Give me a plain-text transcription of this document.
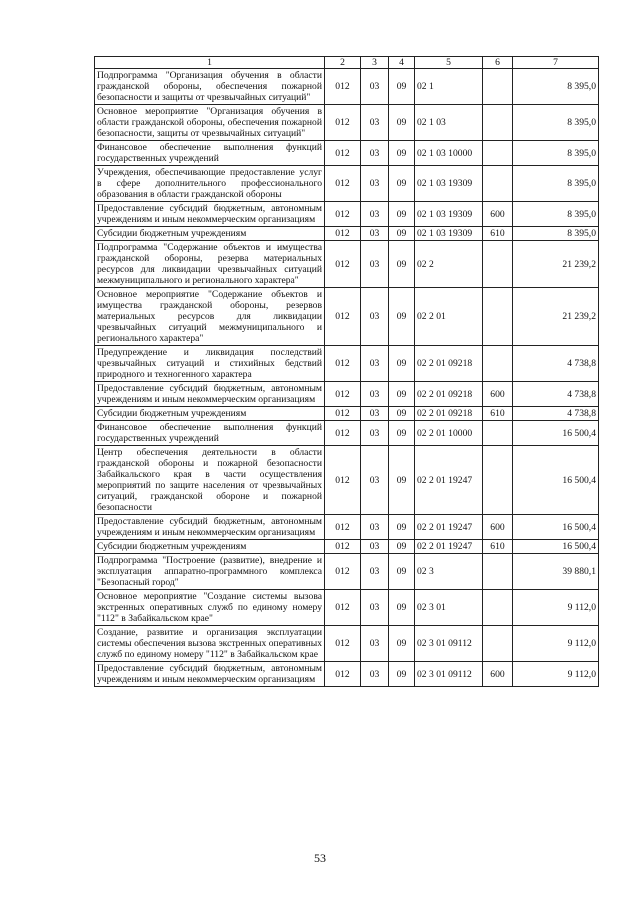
1	2	3	4	5	6	7
Подпрограмма "Организация обучения в области гражданской обороны, обеспечения пожарной безопасности и защиты от чрезвычайных ситуаций"	012	03	09	02 1		8 395,0
Основное мероприятие "Организация обучения в области гражданской обороны, обеспечения пожарной безопасности, защиты от чрезвычайных ситуаций"	012	03	09	02 1 03		8 395,0
Финансовое обеспечение выполнения функций государственных учреждений	012	03	09	02 1 03 10000		8 395,0
Учреждения, обеспечивающие предоставление услуг в сфере дополнительного профессионального образования в области гражданской обороны	012	03	09	02 1 03 19309		8 395,0
Предоставление субсидий бюджетным, автономным учреждениям и иным некоммерческим организациям	012	03	09	02 1 03 19309	600	8 395,0
Субсидии бюджетным учреждениям	012	03	09	02 1 03 19309	610	8 395,0
Подпрограмма "Содержание объектов и имущества гражданской обороны, резерва материальных ресурсов для ликвидации чрезвычайных ситуаций межмуниципального и регионального характера"	012	03	09	02 2		21 239,2
Основное мероприятие "Содержание объектов и имущества гражданской обороны, резервов материальных ресурсов для ликвидации чрезвычайных ситуаций межмуниципального и регионального характера"	012	03	09	02 2 01		21 239,2
Предупреждение и ликвидация последствий чрезвычайных ситуаций и стихийных бедствий природного и техногенного характера	012	03	09	02 2 01 09218		4 738,8
Предоставление субсидий бюджетным, автономным учреждениям и иным некоммерческим организациям	012	03	09	02 2 01 09218	600	4 738,8
Субсидии бюджетным учреждениям	012	03	09	02 2 01 09218	610	4 738,8
Финансовое обеспечение выполнения функций государственных учреждений	012	03	09	02 2 01 10000		16 500,4
Центр обеспечения деятельности в области гражданской обороны и пожарной безопасности Забайкальского края в части осуществления мероприятий по защите населения от чрезвычайных ситуаций, гражданской обороне и пожарной безопасности	012	03	09	02 2 01 19247		16 500,4
Предоставление субсидий бюджетным, автономным учреждениям и иным некоммерческим организациям	012	03	09	02 2 01 19247	600	16 500,4
Субсидии бюджетным учреждениям	012	03	09	02 2 01 19247	610	16 500,4
Подпрограмма "Построение (развитие), внедрение и эксплуатация аппаратно-программного комплекса "Безопасный город"	012	03	09	02 3		39 880,1
Основное мероприятие "Создание системы вызова экстренных оперативных служб по единому номеру "112" в Забайкальском крае"	012	03	09	02 3 01		9 112,0
Создание, развитие и организация эксплуатации системы обеспечения вызова экстренных оперативных служб по единому номеру "112" в Забайкальском крае	012	03	09	02 3 01 09112		9 112,0
Предоставление субсидий бюджетным, автономным учреждениям и иным некоммерческим организациям	012	03	09	02 3 01 09112	600	9 112,0
53
